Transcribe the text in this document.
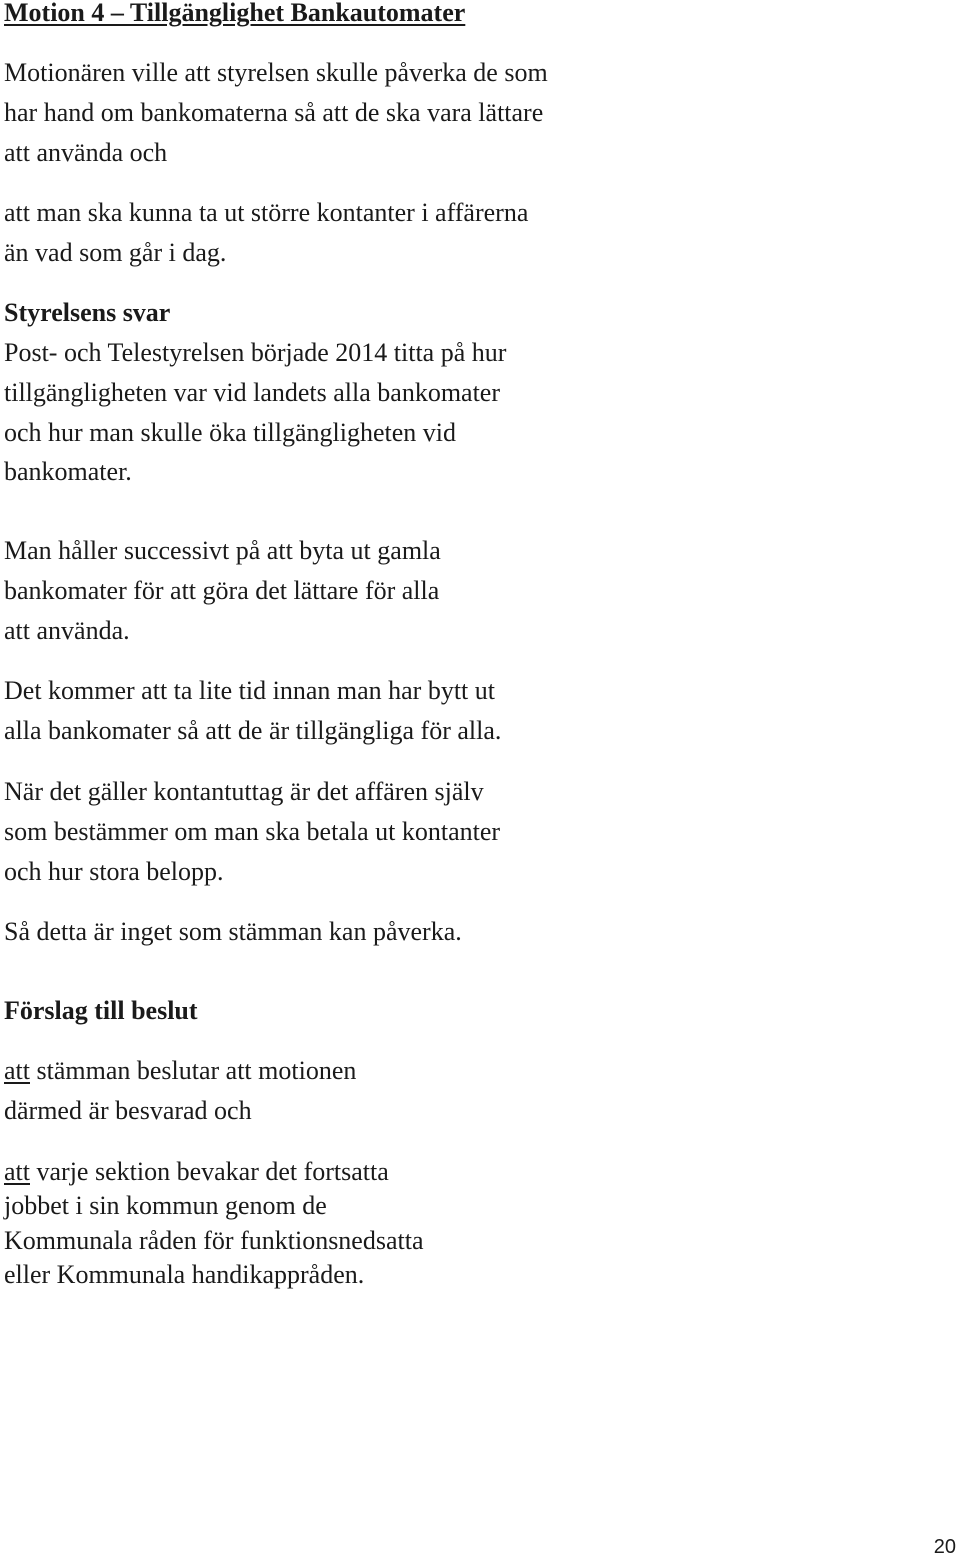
Motion 4 – Tillgänglighet Bankautomater
Motionären ville att styrelsen skulle påverka de som
har hand om bankomaterna så att de ska vara lättare
att använda och
att man ska kunna ta ut större kontanter i affärerna
än vad som går i dag.
Styrelsens svar
Post- och Telestyrelsen började 2014 titta på hur
tillgängligheten var vid landets alla bankomater
och hur man skulle öka tillgängligheten vid
bankomater.
Man håller successivt på att byta ut gamla
bankomater för att göra det lättare för alla
att använda.
Det kommer att ta lite tid innan man har bytt ut
alla bankomater så att de är tillgängliga för alla.
När det gäller kontantuttag är det affären själv
som bestämmer om man ska betala ut kontanter
och hur stora belopp.
Så detta är inget som stämman kan påverka.
Förslag till beslut
att stämman beslutar att motionen
därmed är besvarad och
att varje sektion bevakar det fortsatta
jobbet i sin kommun genom de
Kommunala råden för funktionsnedsatta
eller Kommunala handikappråden.
20
